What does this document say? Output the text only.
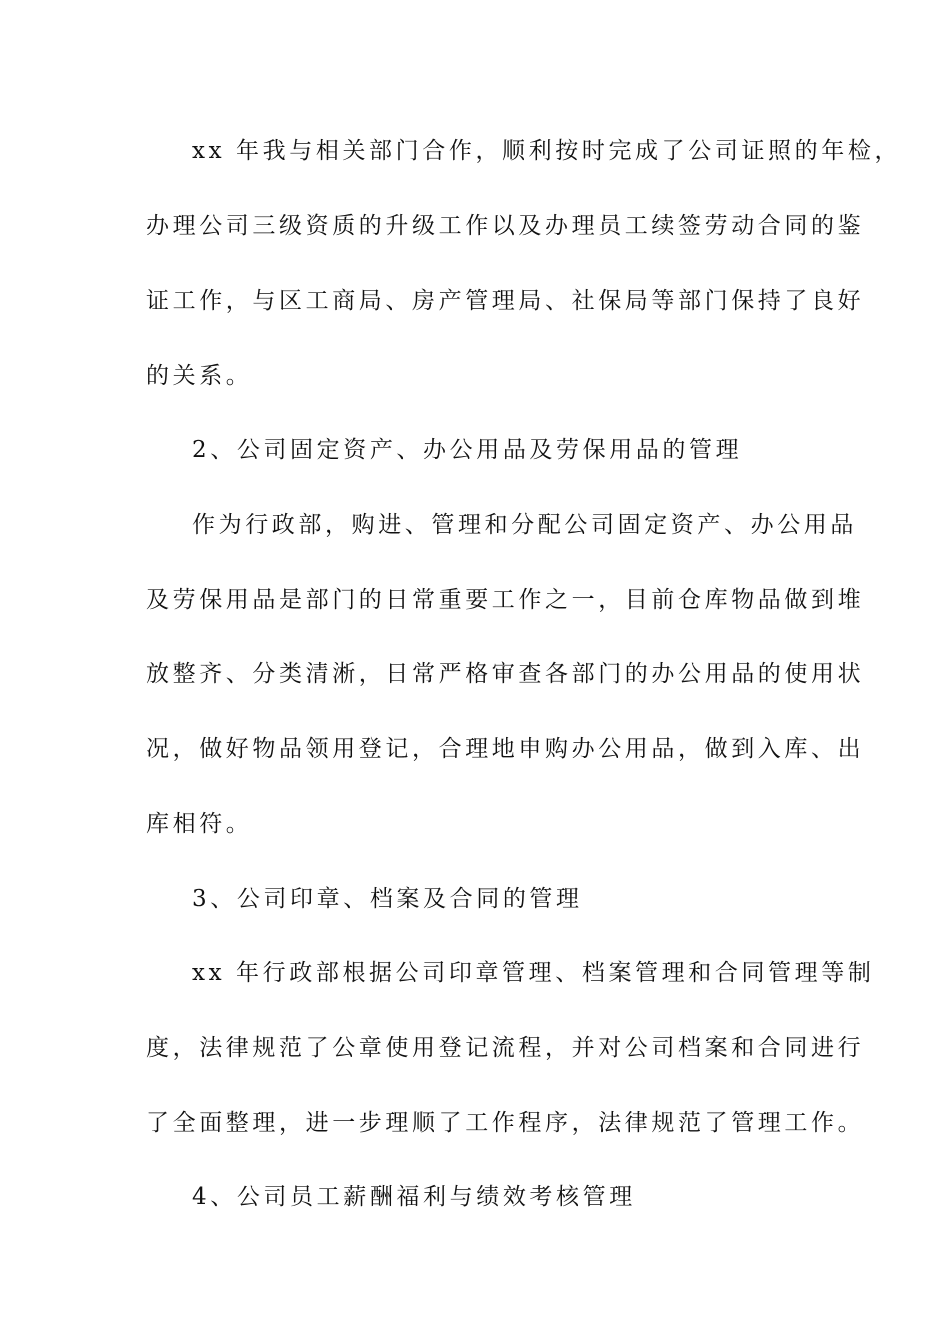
xx 年我与相关部门合作，顺利按时完成了公司证照的年检，
办理公司三级资质的升级工作以及办理员工续签劳动合同的鉴
证工作，与区工商局、房产管理局、社保局等部门保持了良好
的关系。
2、公司固定资产、办公用品及劳保用品的管理
作为行政部，购进、管理和分配公司固定资产、办公用品
及劳保用品是部门的日常重要工作之一，目前仓库物品做到堆
放整齐、分类清淅，日常严格审查各部门的办公用品的使用状
况，做好物品领用登记，合理地申购办公用品，做到入库、出
库相符。
3、公司印章、档案及合同的管理
xx 年行政部根据公司印章管理、档案管理和合同管理等制
度，法律规范了公章使用登记流程，并对公司档案和合同进行
了全面整理，进一步理顺了工作程序，法律规范了管理工作。
4、公司员工薪酬福利与绩效考核管理
